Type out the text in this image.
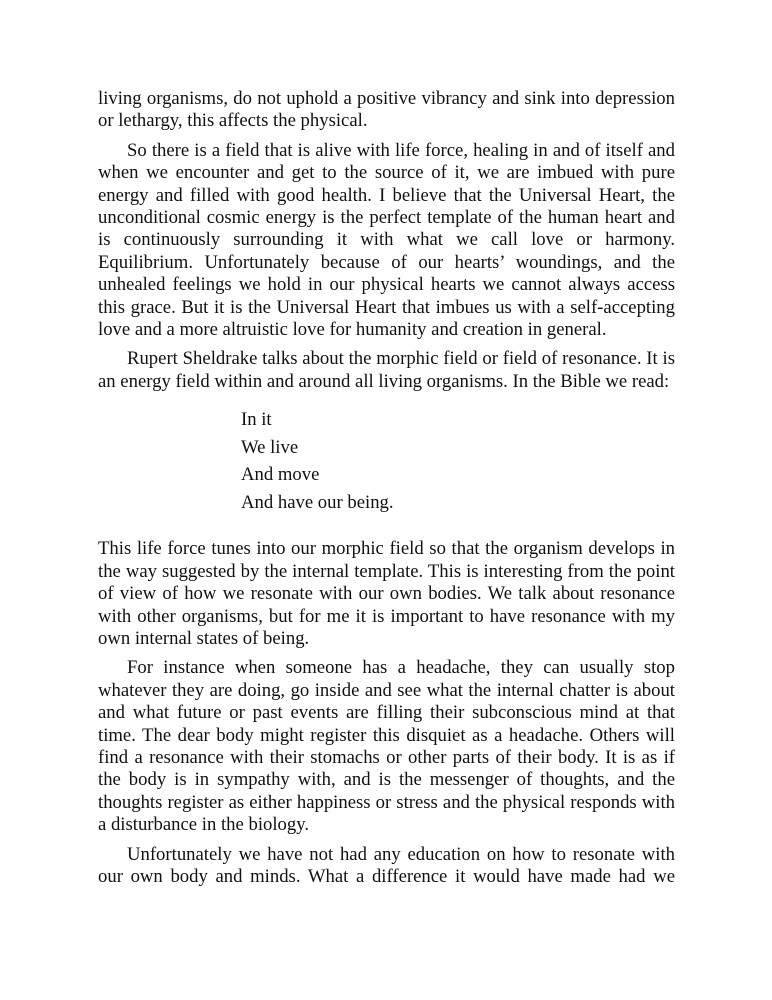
living organisms, do not uphold a positive vibrancy and sink into depression or lethargy, this affects the physical.

So there is a field that is alive with life force, healing in and of itself and when we encounter and get to the source of it, we are imbued with pure energy and filled with good health. I believe that the Universal Heart, the unconditional cosmic energy is the perfect template of the human heart and is continuously surrounding it with what we call love or harmony. Equilibrium. Unfortunately because of our hearts’ woundings, and the unhealed feelings we hold in our physical hearts we cannot always access this grace. But it is the Universal Heart that imbues us with a self-accepting love and a more altruistic love for humanity and creation in general.

Rupert Sheldrake talks about the morphic field or field of resonance. It is an energy field within and around all living organisms. In the Bible we read:

In it
We live
And move
And have our being.

This life force tunes into our morphic field so that the organism develops in the way suggested by the internal template. This is interesting from the point of view of how we resonate with our own bodies. We talk about resonance with other organisms, but for me it is important to have resonance with my own internal states of being.

For instance when someone has a headache, they can usually stop whatever they are doing, go inside and see what the internal chatter is about and what future or past events are filling their subconscious mind at that time. The dear body might register this disquiet as a headache. Others will find a resonance with their stomachs or other parts of their body. It is as if the body is in sympathy with, and is the messenger of thoughts, and the thoughts register as either happiness or stress and the physical responds with a disturbance in the biology.

Unfortunately we have not had any education on how to resonate with our own body and minds. What a difference it would have made had we
